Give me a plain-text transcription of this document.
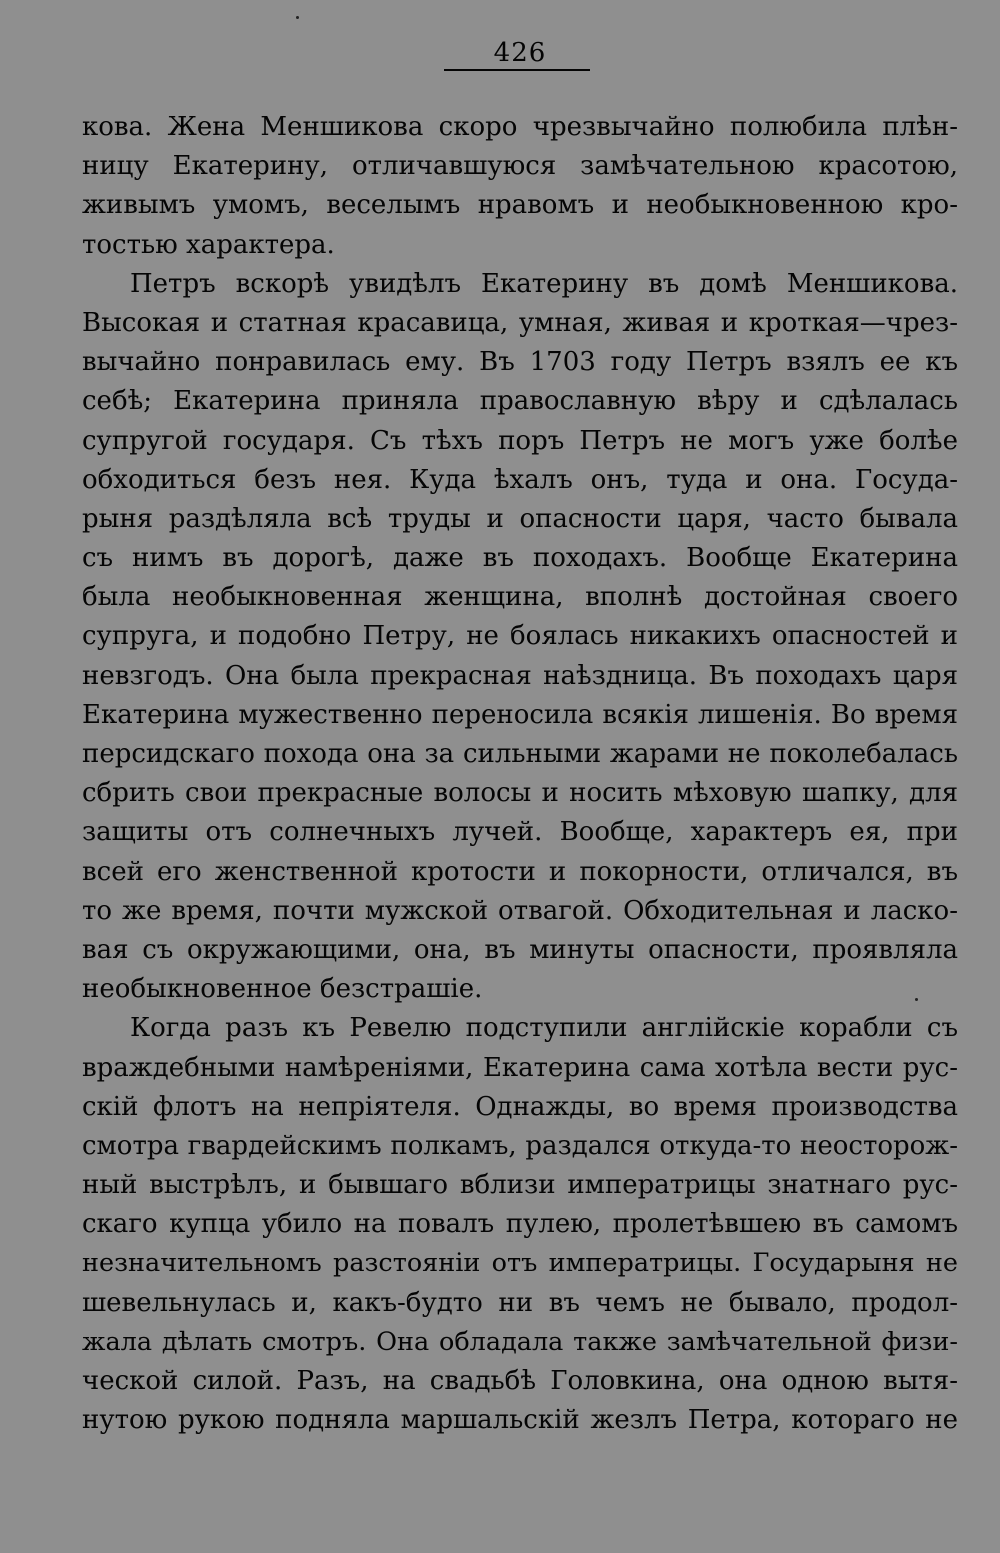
426
кова. Жена Меншикова скоро чрезвычайно полюбила плѣн-
ницу Екатерину, отличавшуюся замѣчательною красотою,
живымъ умомъ, веселымъ нравомъ и необыкновенною кро-
тостью характера.
Петръ вскорѣ увидѣлъ Екатерину въ домѣ Меншикова.
Высокая и статная красавица, умная, живая и кроткая—чрез-
вычайно понравилась ему. Въ 1703 году Петръ взялъ ее къ
себѣ; Екатерина приняла православную вѣру и сдѣлалась
супругой государя. Съ тѣхъ поръ Петръ не могъ уже болѣе
обходиться безъ нея. Куда ѣхалъ онъ, туда и она. Госуда-
рыня раздѣляла всѣ труды и опасности царя, часто бывала
съ нимъ въ дорогѣ, даже въ походахъ. Вообще Екатерина
была необыкновенная женщина, вполнѣ достойная своего
супруга, и подобно Петру, не боялась никакихъ опасностей и
невзгодъ. Она была прекрасная наѣздница. Въ походахъ царя
Екатерина мужественно переносила всякія лишенія. Во время
персидскаго похода она за сильными жарами не поколебалась
сбрить свои прекрасные волосы и носить мѣховую шапку, для
защиты отъ солнечныхъ лучей. Вообще, характеръ ея, при
всей его женственной кротости и покорности, отличался, въ
то же время, почти мужской отвагой. Обходительная и ласко-
вая съ окружающими, она, въ минуты опасности, проявляла
необыкновенное безстрашіе.
Когда разъ къ Ревелю подступили англійскіе корабли съ
враждебными намѣреніями, Екатерина сама хотѣла вести рус-
скій флотъ на непріятеля. Однажды, во время производства
смотра гвардейскимъ полкамъ, раздался откуда-то неосторож-
ный выстрѣлъ, и бывшаго вблизи императрицы знатнаго рус-
скаго купца убило на повалъ пулею, пролетѣвшею въ самомъ
незначительномъ разстояніи отъ императрицы. Государыня не
шевельнулась и, какъ-будто ни въ чемъ не бывало, продол-
жала дѣлать смотръ. Она обладала также замѣчательной физи-
ческой силой. Разъ, на свадьбѣ Головкина, она одною вытя-
нутою рукою подняла маршальскій жезлъ Петра, котораго не
